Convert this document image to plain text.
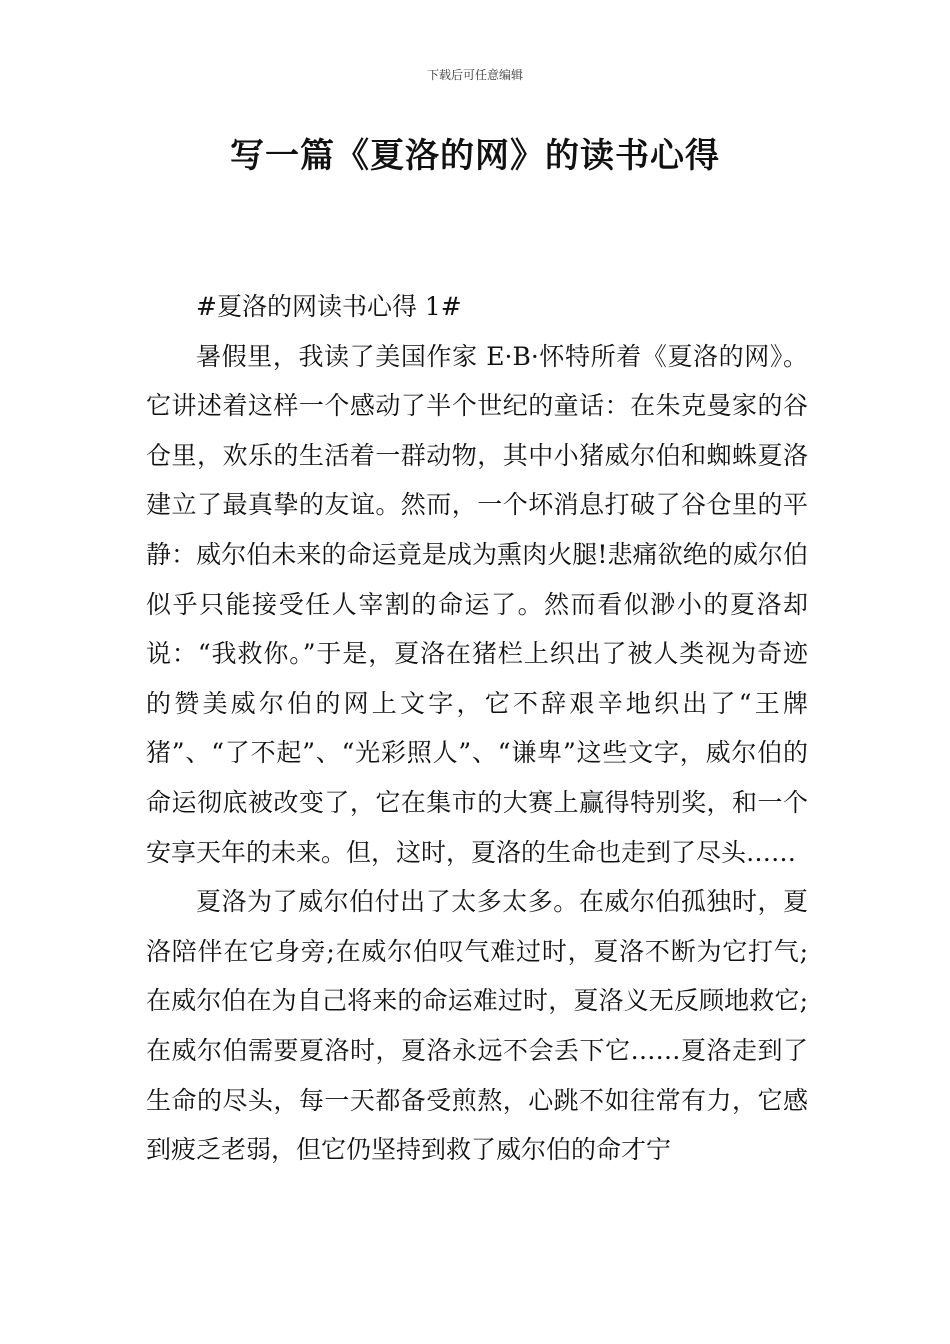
下载后可任意编辑
写一篇《夏洛的网》的读书心得
#夏洛的网读书心得 1#

暑假里，我读了美国作家 E·B·怀特所着《夏洛的网》。它讲述着这样一个感动了半个世纪的童话：在朱克曼家的谷仓里，欢乐的生活着一群动物，其中小猪威尔伯和蜘蛛夏洛建立了最真挚的友谊。然而，一个坏消息打破了谷仓里的平静：威尔伯未来的命运竟是成为熏肉火腿!悲痛欲绝的威尔伯似乎只能接受任人宰割的命运了。然而看似渺小的夏洛却说：“我救你。”于是，夏洛在猪栏上织出了被人类视为奇迹的赞美威尔伯的网上文字，它不辞艰辛地织出了“王牌猪”、“了不起”、“光彩照人”、“谦卑”这些文字，威尔伯的命运彻底被改变了，它在集市的大赛上赢得特别奖，和一个安享天年的未来。但，这时，夏洛的生命也走到了尽头……

夏洛为了威尔伯付出了太多太多。在威尔伯孤独时，夏洛陪伴在它身旁;在威尔伯叹气难过时，夏洛不断为它打气;在威尔伯在为自己将来的命运难过时，夏洛义无反顾地救它;在威尔伯需要夏洛时，夏洛永远不会丢下它……夏洛走到了生命的尽头，每一天都备受煎熬，心跳不如往常有力，它感到疲乏老弱，但它仍坚持到救了威尔伯的命才宁
